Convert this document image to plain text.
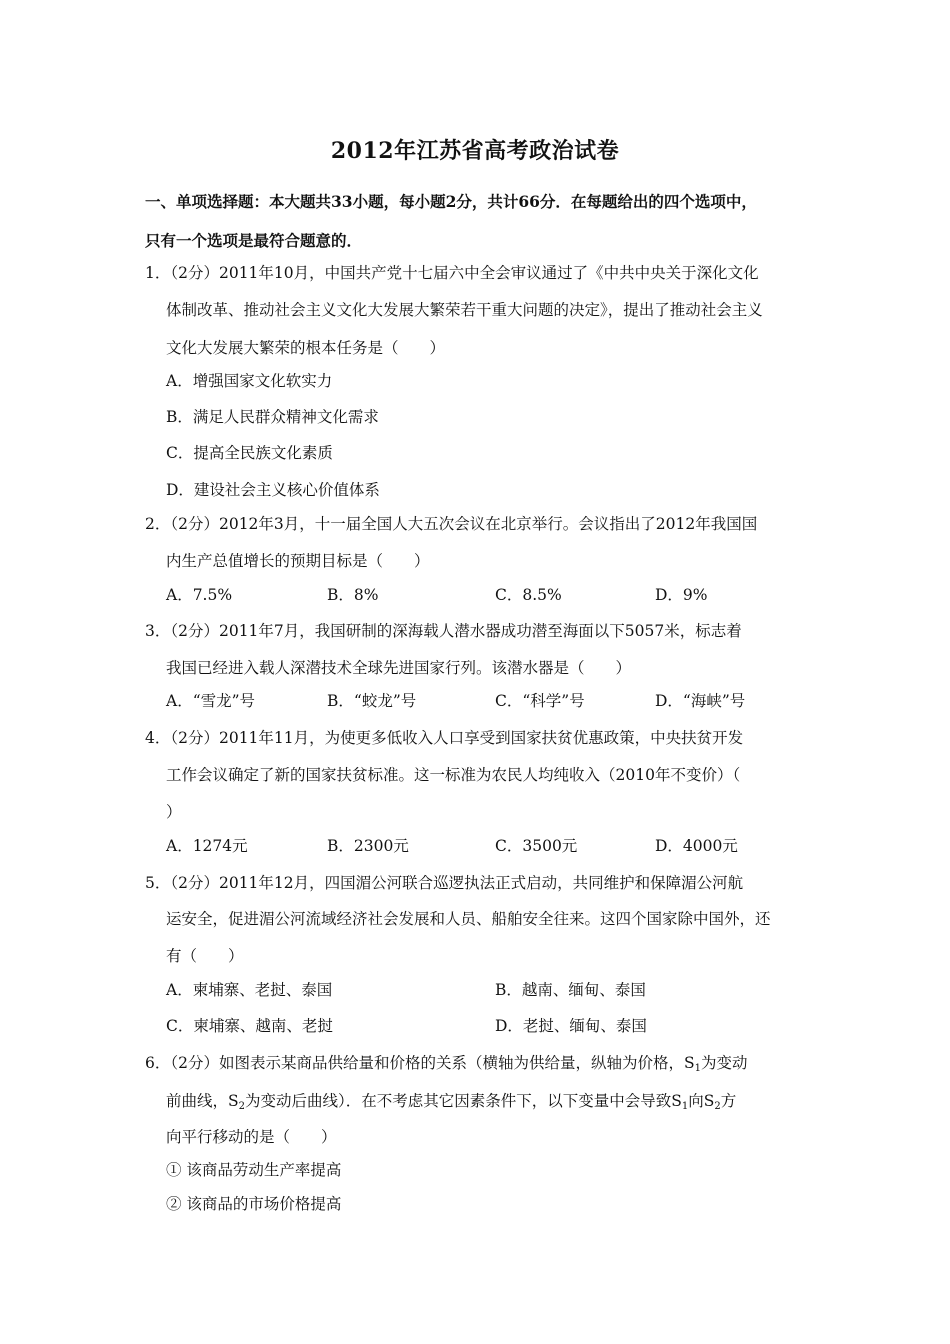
2012年江苏省高考政治试卷
一、单项选择题：本大题共33小题，每小题2分，共计66分．在每题给出的四个选项中，
只有一个选项是最符合题意的．
1．（2分）2011年10月，中国共产党十七届六中全会审议通过了《中共中央关于深化文化
体制改革、推动社会主义文化大发展大繁荣若干重大问题的决定》，提出了推动社会主义
文化大发展大繁荣的根本任务是（　　）
A．增强国家文化软实力
B．满足人民群众精神文化需求
C．提高全民族文化素质
D．建设社会主义核心价值体系
2．（2分）2012年3月，十一届全国人大五次会议在北京举行。会议指出了2012年我国国
内生产总值增长的预期目标是（　　）
A．7.5%	B．8%	C．8.5%	D．9%
3．（2分）2011年7月，我国研制的深海载人潜水器成功潜至海面以下5057米，标志着
我国已经进入载人深潜技术全球先进国家行列。该潜水器是（　　）
A．“雪龙”号	B．“蛟龙”号	C．“科学”号	D．“海峡”号
4．（2分）2011年11月，为使更多低收入人口享受到国家扶贫优惠政策，中央扶贫开发
工作会议确定了新的国家扶贫标准。这一标准为农民人均纯收入（2010年不变价）（
）
A．1274元	B．2300元	C．3500元	D．4000元
5．（2分）2011年12月，四国湄公河联合巡逻执法正式启动，共同维护和保障湄公河航
运安全，促进湄公河流域经济社会发展和人员、船舶安全往来。这四个国家除中国外，还
有（　　）
A．柬埔寨、老挝、泰国	B．越南、缅甸、泰国
C．柬埔寨、越南、老挝	D．老挝、缅甸、泰国
6．（2分）如图表示某商品供给量和价格的关系（横轴为供给量，纵轴为价格，$S_1$为变动
前曲线，$S_2$为变动后曲线）．在不考虑其它因素条件下，以下变量中会导致$S_1$向$S_2$方
向平行移动的是（　　）
① 该商品劳动生产率提高
② 该商品的市场价格提高
